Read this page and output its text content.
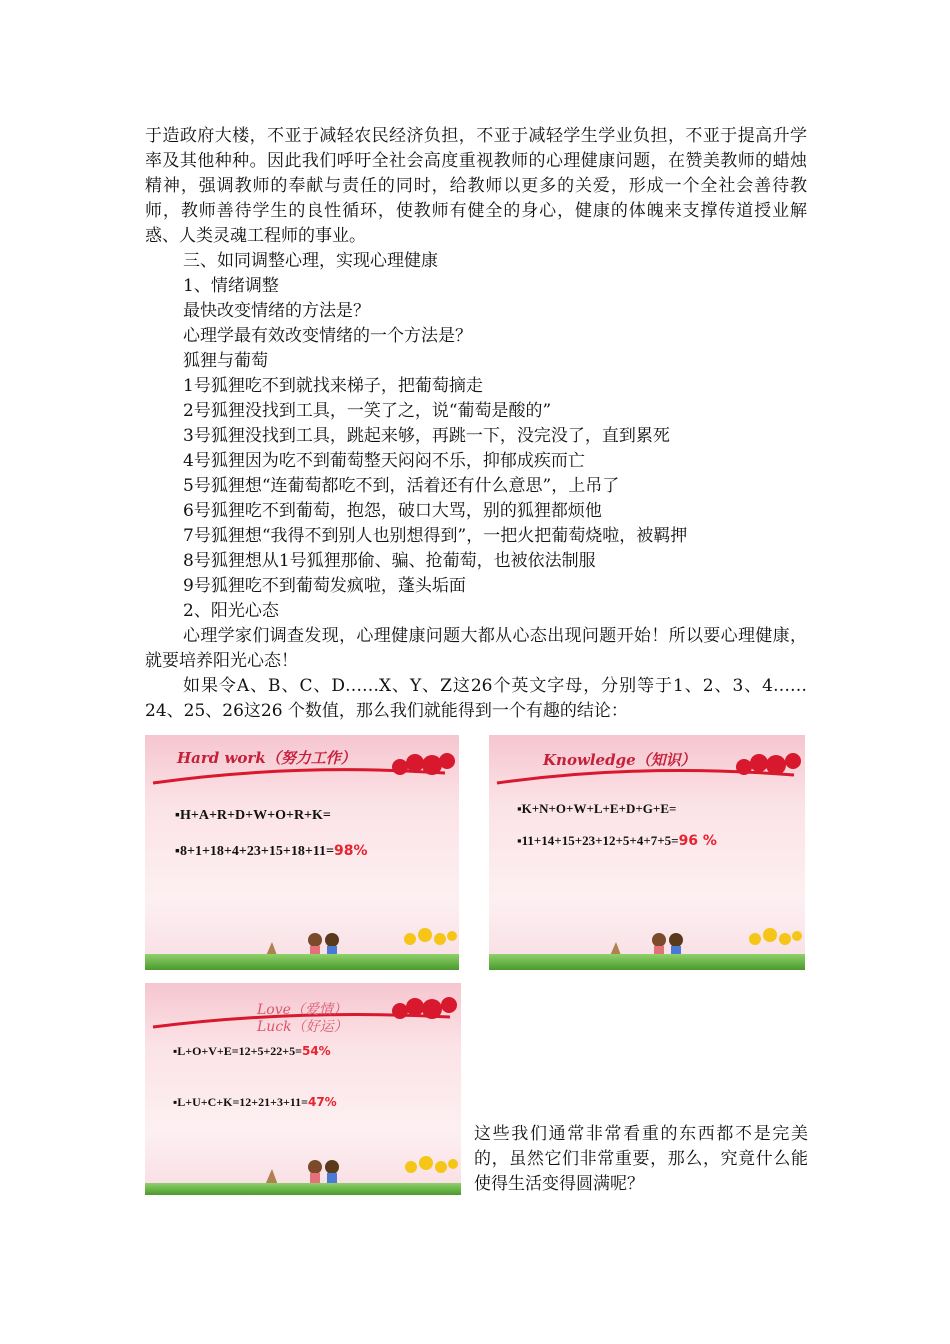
于造政府大楼，不亚于减轻农民经济负担，不亚于减轻学生学业负担，不亚于提高升学率及其他种种。因此我们呼吁全社会高度重视教师的心理健康问题，在赞美教师的蜡烛精神，强调教师的奉献与责任的同时，给教师以更多的关爱，形成一个全社会善待教师，教师善待学生的良性循环，使教师有健全的身心，健康的体魄来支撑传道授业解惑、人类灵魂工程师的事业。

三、如同调整心理，实现心理健康

1、情绪调整

最快改变情绪的方法是？

心理学最有效改变情绪的一个方法是？

狐狸与葡萄

1号狐狸吃不到就找来梯子，把葡萄摘走

2号狐狸没找到工具，一笑了之，说“葡萄是酸的”

3号狐狸没找到工具，跳起来够，再跳一下，没完没了，直到累死

4号狐狸因为吃不到葡萄整天闷闷不乐，抑郁成疾而亡

5号狐狸想“连葡萄都吃不到，活着还有什么意思”，上吊了

6号狐狸吃不到葡萄，抱怨，破口大骂，别的狐狸都烦他

7号狐狸想“我得不到别人也别想得到”，一把火把葡萄烧啦，被羁押

8号狐狸想从1号狐狸那偷、骗、抢葡萄，也被依法制服

9号狐狸吃不到葡萄发疯啦，蓬头垢面

2、阳光心态

心理学家们调查发现，心理健康问题大都从心态出现问题开始！所以要心理健康，就要培养阳光心态！

如果令A、B、C、D……X、Y、Z这26个英文字母，分别等于1、2、3、4……24、25、26这26 个数值，那么我们就能得到一个有趣的结论：

Hard work（努力工作）
▪H+A+R+D+W+O+R+K=
▪8+1+18+4+23+15+18+11=98%
Knowledge（知识）
▪K+N+O+W+L+E+D+G+E=
▪11+14+15+23+12+5+4+7+5=96 %
Love（爱情）
Luck（好运）
▪L+O+V+E=12+5+22+5=54%
▪L+U+C+K=12+21+3+11=47%

这些我们通常非常看重的东西都不是完美的，虽然它们非常重要，那么，究竟什么能使得生活变得圆满呢？
